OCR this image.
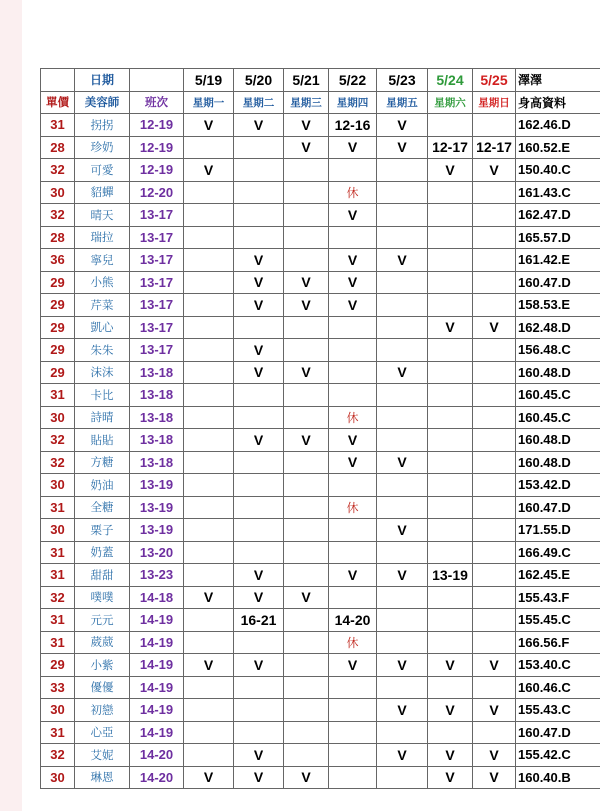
	日期		5/19	5/20	5/21	5/22	5/23	5/24	5/25	澤澤
單價	美容師	班次	星期一	星期二	星期三	星期四	星期五	星期六	星期日	身高資料
31	拐拐	12-19	V	V	V	12-16	V			162.46.D
28	珍奶	12-19			V	V	V	12-17	12-17	160.52.E
32	可愛	12-19	V					V	V	150.40.C
30	貂蟬	12-20				休				161.43.C
32	晴天	13-17				V				162.47.D
28	瑞拉	13-17								165.57.D
36	寧兒	13-17		V		V	V			161.42.E
29	小熊	13-17		V	V	V				160.47.D
29	芹菜	13-17		V	V	V				158.53.E
29	凱心	13-17						V	V	162.48.D
29	朱朱	13-17		V						156.48.C
29	沫沫	13-18		V	V		V			160.48.D
31	卡比	13-18								160.45.C
30	詩晴	13-18				休				160.45.C
32	貼貼	13-18		V	V	V				160.48.D
32	方糖	13-18				V	V			160.48.D
30	奶油	13-19								153.42.D
31	全糖	13-19				休				160.47.D
30	栗子	13-19					V			171.55.D
31	奶蓋	13-20								166.49.C
31	甜甜	13-23		V		V	V	13-19		162.45.E
32	噗噗	14-18	V	V	V					155.43.F
31	元元	14-19		16-21		14-20				155.45.C
31	葳葳	14-19				休				166.56.F
29	小紫	14-19	V	V		V	V	V	V	153.40.C
33	優優	14-19								160.46.C
30	初戀	14-19					V	V	V	155.43.C
31	心亞	14-19								160.47.D
32	艾妮	14-20		V			V	V	V	155.42.C
30	琳恩	14-20	V	V	V			V	V	160.40.B
